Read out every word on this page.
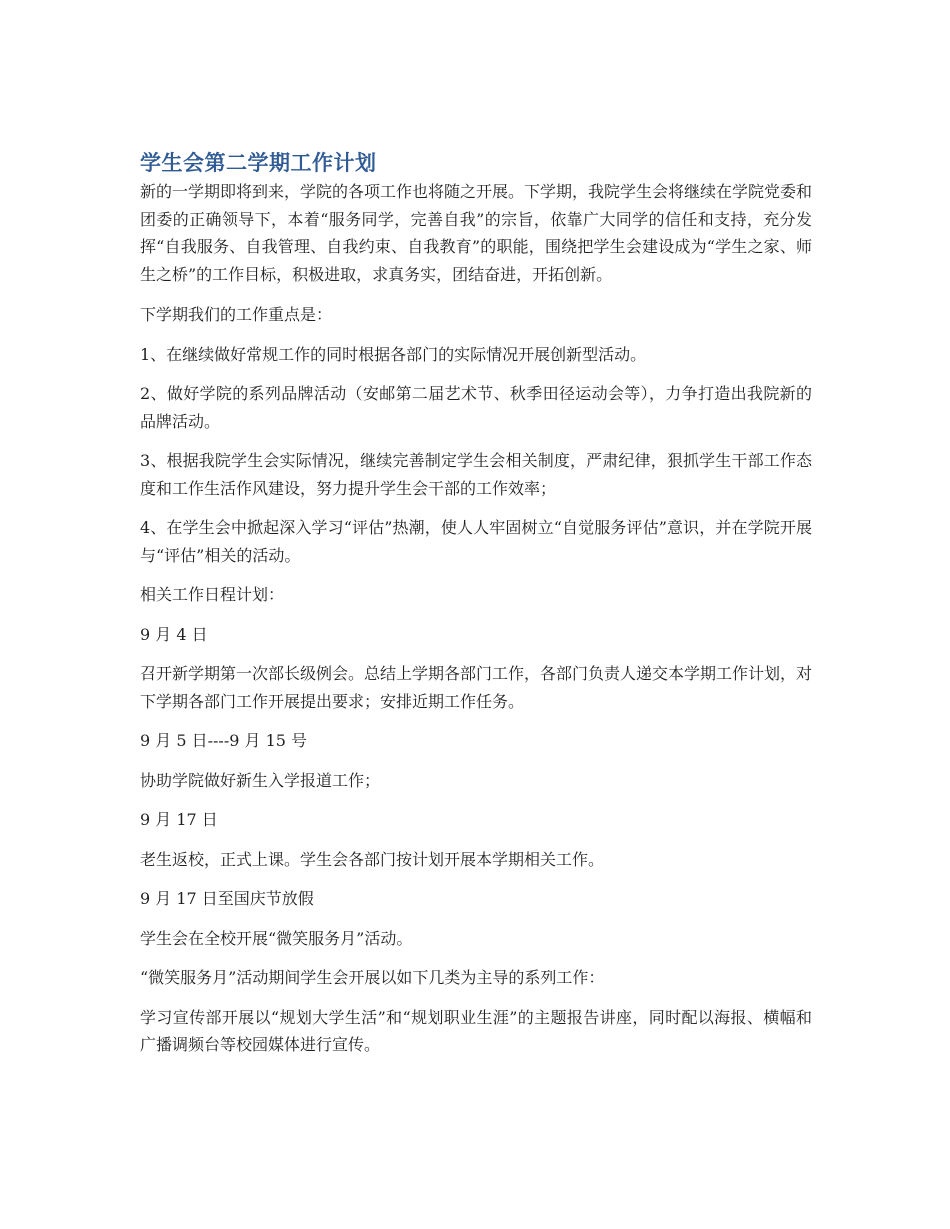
学生会第二学期工作计划

新的一学期即将到来，学院的各项工作也将随之开展。下学期，我院学生会将继续在学院党委和团委的正确领导下，本着“服务同学，完善自我”的宗旨，依靠广大同学的信任和支持，充分发挥“自我服务、自我管理、自我约束、自我教育”的职能，围绕把学生会建设成为“学生之家、师生之桥”的工作目标，积极进取，求真务实，团结奋进，开拓创新。

下学期我们的工作重点是：

1、在继续做好常规工作的同时根据各部门的实际情况开展创新型活动。

2、做好学院的系列品牌活动（安邮第二届艺术节、秋季田径运动会等），力争打造出我院新的品牌活动。

3、根据我院学生会实际情况，继续完善制定学生会相关制度，严肃纪律，狠抓学生干部工作态度和工作生活作风建设，努力提升学生会干部的工作效率；

4、在学生会中掀起深入学习“评估”热潮，使人人牢固树立“自觉服务评估”意识，并在学院开展与“评估”相关的活动。

相关工作日程计划：

9 月 4 日

召开新学期第一次部长级例会。总结上学期各部门工作，各部门负责人递交本学期工作计划，对下学期各部门工作开展提出要求；安排近期工作任务。

9 月 5 日----9 月 15 号

协助学院做好新生入学报道工作；

9 月 17 日

老生返校，正式上课。学生会各部门按计划开展本学期相关工作。

9 月 17 日至国庆节放假

学生会在全校开展“微笑服务月”活动。

“微笑服务月”活动期间学生会开展以如下几类为主导的系列工作：

学习宣传部开展以“规划大学生活”和“规划职业生涯”的主题报告讲座，同时配以海报、横幅和广播调频台等校园媒体进行宣传。
